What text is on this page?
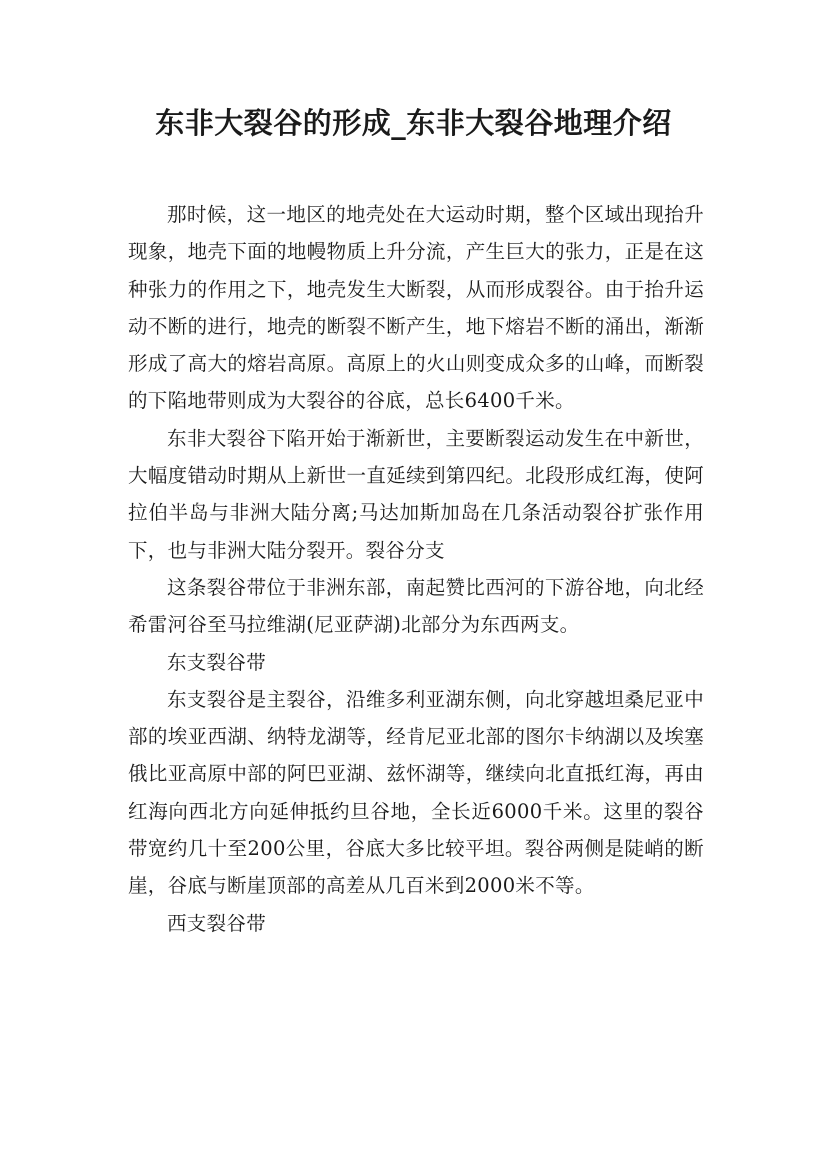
东非大裂谷的形成_东非大裂谷地理介绍

那时候，这一地区的地壳处在大运动时期，整个区域出现抬升现象，地壳下面的地幔物质上升分流，产生巨大的张力，正是在这种张力的作用之下，地壳发生大断裂，从而形成裂谷。由于抬升运动不断的进行，地壳的断裂不断产生，地下熔岩不断的涌出，渐渐形成了高大的熔岩高原。高原上的火山则变成众多的山峰，而断裂的下陷地带则成为大裂谷的谷底，总长6400千米。

东非大裂谷下陷开始于渐新世，主要断裂运动发生在中新世，大幅度错动时期从上新世一直延续到第四纪。北段形成红海，使阿拉伯半岛与非洲大陆分离;马达加斯加岛在几条活动裂谷扩张作用下，也与非洲大陆分裂开。裂谷分支

这条裂谷带位于非洲东部，南起赞比西河的下游谷地，向北经希雷河谷至马拉维湖(尼亚萨湖)北部分为东西两支。

东支裂谷带

东支裂谷是主裂谷，沿维多利亚湖东侧，向北穿越坦桑尼亚中部的埃亚西湖、纳特龙湖等，经肯尼亚北部的图尔卡纳湖以及埃塞俄比亚高原中部的阿巴亚湖、兹怀湖等，继续向北直抵红海，再由红海向西北方向延伸抵约旦谷地，全长近6000千米。这里的裂谷带宽约几十至200公里，谷底大多比较平坦。裂谷两侧是陡峭的断崖，谷底与断崖顶部的高差从几百米到2000米不等。

西支裂谷带
